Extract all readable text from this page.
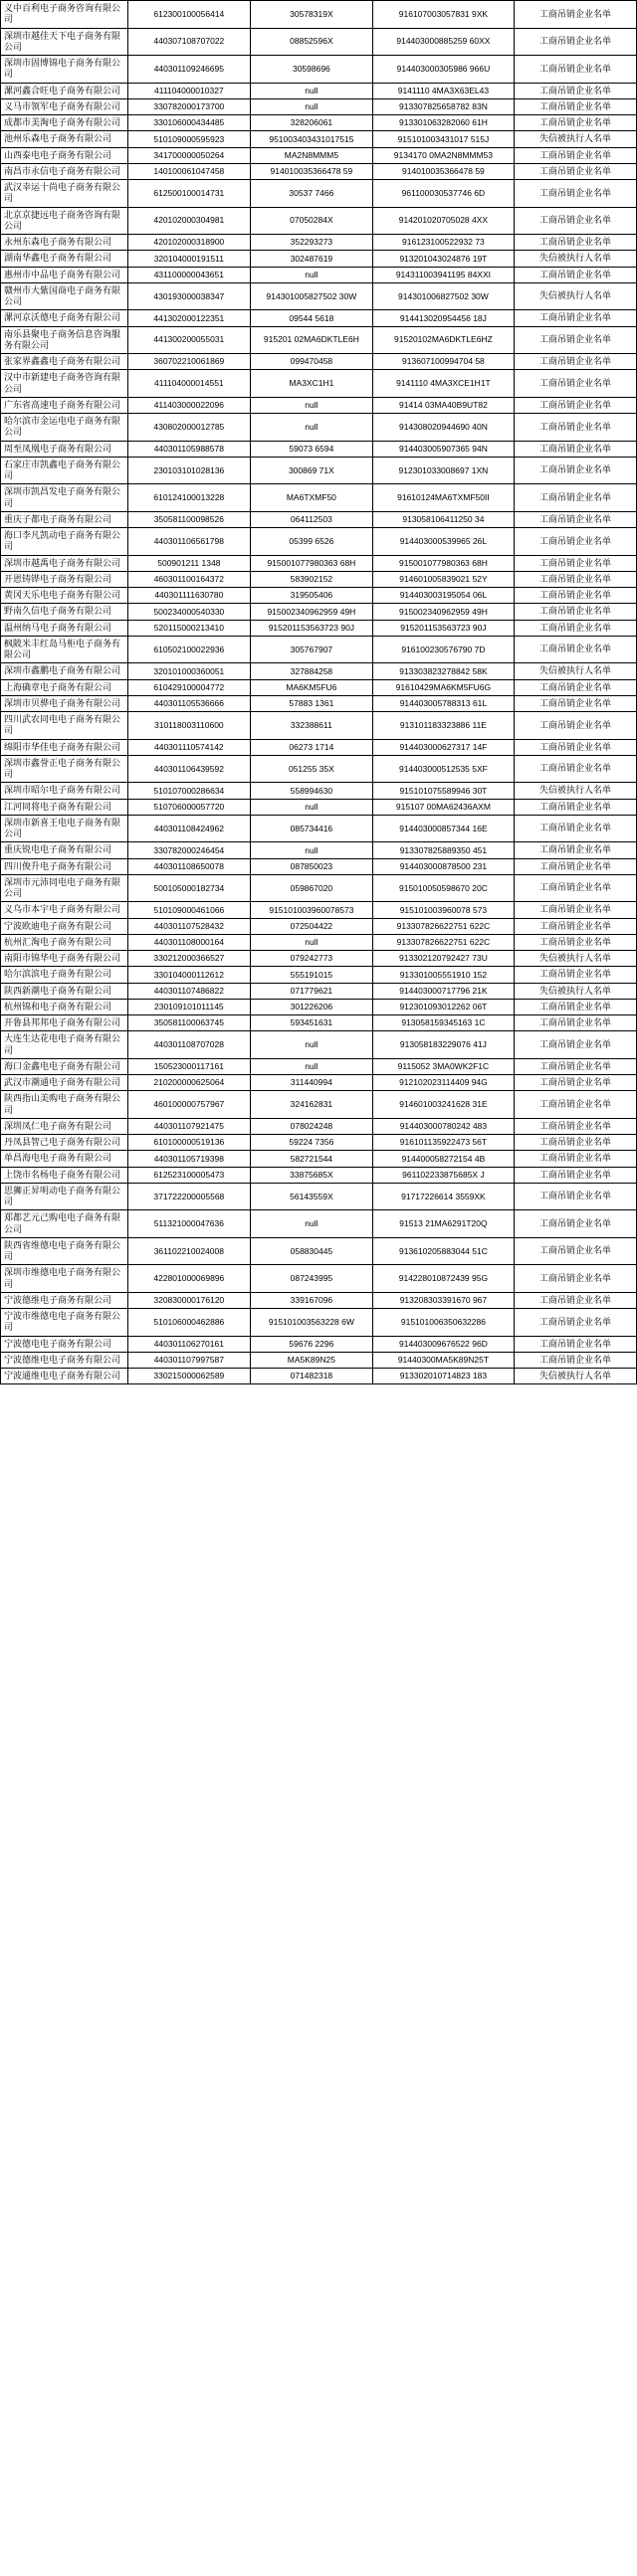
义中百利电子商务咨询有限公司	612300100056414	30578319X	916107003057831 9XK	工商吊销企业名单
深圳市越佳天下电子商务有限公司	440307108707022	08852596X	914403000885259 60XX	工商吊销企业名单
深圳市固博锦电子商务有限公司	440301109246695	30598696	914403000305986 966U	工商吊销企业名单
漯河鑫合旺电子商务有限公司	411104000010327	null	9141110 4MA3X63EL43	工商吊销企业名单
义马市领军电子商务有限公司	330782000173700	null	913307825658782 83N	工商吊销企业名单
成都市美淘电子商务有限公司	330106000434485	328206061	913301063282060 61H	工商吊销企业名单
池州乐森电子商务有限公司	510109000595923	951003403431017515	915101003431017 515J	失信被执行人名单
山西泰电电子商务有限公司	341700000050264	MA2N8MMM5	9134170 0MA2N8MMM53	工商吊销企业名单
南昌市永信电子商务有限公司	140100061047458	914010035366478 59	914010035366478 59	工商吊销企业名单
武汉幸运十尚电子商务有限公司	612500100014731	30537 7466	961100030537746 6D	工商吊销企业名单
北京京捷远电子商务咨询有限公司	420102000304981	07050284X	914201020705028 4XX	工商吊销企业名单
永州东森电子商务有限公司	420102000318900	352293273	916123100522932 73	工商吊销企业名单
湖南华鑫电子商务有限公司	320104000191511	302487619	913201043024876 19T	失信被执行人名单
惠州市中品电子商务有限公司	431100000043651	null	914311003941195 84XXI	工商吊销企业名单
赣州市大紫国商电子商务有限公司	430193000038347	914301005827502 30W	914301006827502 30W	失信被执行人名单
漯河京沃德电子商务有限公司	441302000122351	09544 5618	914413020954456 18J	工商吊销企业名单
南乐县聚电子商务信息咨询服务有限公司	441300200055031	915201 02MA6DKTLE6H	91520102MA6DKTLE6HZ	工商吊销企业名单
张家界鑫鑫电子商务有限公司	360702210061869	099470458	913607100994704 58	工商吊销企业名单
汉中市新建电子商务咨询有限公司	411104000014551	MA3XC1H1	9141110 4MA3XCE1H1T	工商吊销企业名单
广东省高速电子商务有限公司	411403000022096	null	91414 03MA40B9UT82	工商吊销企业名单
哈尔滨市金运电电子商务有限公司	430802000012785	null	914308020944690 40N	工商吊销企业名单
周至凤凰电子商务有限公司	440301105988578	59073 6594	914403005907365 94N	工商吊销企业名单
石家庄市凯鑫电子商务有限公司	230103101028136	300869 71X	912301033008697 1XN	工商吊销企业名单
深圳市凯昌发电子商务有限公司	610124100013228	MA6TXMF50	91610124MA6TXMF50II	工商吊销企业名单
重庆子都电子商务有限公司	350581100098526	064112503	913058106411250 34	工商吊销企业名单
海口李凡凯动电子商务有限公司	440301106561798	05399 6526	914403000539965 26L	工商吊销企业名单
深圳市越禹电子商务有限公司	500901211 1348	915001077980363 68H	915001077980363 68H	工商吊销企业名单
开恩铸铧电子商务有限公司	460301100164372	583902152	914601005839021 52Y	工商吊销企业名单
黄冈天乐电电子商务有限公司	440301111630780	319505406	914403003195054 06L	工商吊销企业名单
野南久信电子商务有限公司	500234000540330	915002340962959 49H	915002340962959 49H	工商吊销企业名单
温州纳马电子商务有限公司	520115000213410	915201153563723 90J	915201153563723 90J	工商吊销企业名单
枫陂米丰红岛马柜电子商务有限公司	610502100022936	305767907	916100230576790 7D	工商吊销企业名单
深圳市鑫鹏电子商务有限公司	320101000360051	327884258	913303823278842 58K	失信被执行人名单
上海确章电子商务有限公司	610429100004772	MA6KM5FU6	91610429MA6KM5FU6G	工商吊销企业名单
深圳市贝骅电子商务有限公司	440301105536666	57883 1361	914403005788313 61L	工商吊销企业名单
四川武农同电电子商务有限公司	310118003110600	332388611	913101183323886 11E	工商吊销企业名单
绵阳市华佳电子商务有限公司	440301110574142	06273 1714	914403000627317 14F	工商吊销企业名单
深圳市鑫誉正电子商务有限公司	440301106439592	051255 35X	914403000512535 5XF	工商吊销企业名单
深圳市昭尔电子商务有限公司	510107000286634	558994630	915101075589946 30T	失信被执行人名单
江河同将电子商务有限公司	510706000057720	null	915107 00MA62436AXM	工商吊销企业名单
深圳市新喜王电电子商务有限公司	440301108424962	085734416	914403000857344 16E	工商吊销企业名单
重庆锐电电子商务有限公司	330782000246454	null	913307825889350 451	工商吊销企业名单
四川俊升电子商务有限公司	440301108650078	087850023	914403000878500 231	工商吊销企业名单
深圳市元沛同电电子商务有限公司	500105000182734	059867020	915010050598670 20C	工商吊销企业名单
义乌市本宇电子商务有限公司	510109000461066	915101003960078573	915101003960078 573	工商吊销企业名单
宁波欧迪电子商务有限公司	440301107528432	072504422	913307826622751 622C	工商吊销企业名单
杭州汇淘电子商务有限公司	440301108000164	null	913307826622751 622C	工商吊销企业名单
南阳市锦华电子商务有限公司	330212000366527	079242773	913302120792427 73U	失信被执行人名单
哈尔滨滨电子商务有限公司	330104000112612	555191015	913301005551910 152	工商吊销企业名单
陕西新潮电子商务有限公司	440301107486822	071779621	914403000717796 21K	失信被执行人名单
杭州锦和电子商务有限公司	230109101011145	301226206	912301093012262 06T	工商吊销企业名单
开鲁县邦邦电子商务有限公司	350581100063745	593451631	913058159345163 1C	工商吊销企业名单
大连生达花电电子商务有限公司	440301108707028	null	913058183229076 41J	工商吊销企业名单
海口金鑫电电子商务有限公司	150523000117161	null	9115052 3MA0WK2F1C	工商吊销企业名单
武汉市潮通电子商务有限公司	210200000625064	311440994	912102023114409 94G	工商吊销企业名单
陕西指山美购电子商务有限公司	460100000757967	324162831	914601003241628 31E	工商吊销企业名单
深圳凤仁电子商务有限公司	440301107921475	078024248	914403000780242 483	工商吊销企业名单
丹凤县智己电子商务有限公司	610100000519136	59224 7356	916101135922473 56T	工商吊销企业名单
单昌海电电子商务有限公司	440301105719398	582721544	914400058272154 4B	工商吊销企业名单
上饶市名杨电子商务有限公司	612523100005473	33875685X	961102233875685X J	工商吊销企业名单
思狮正昇明动电子商务有限公司	371722200005568	56143559X	91717226614 3559XK	工商吊销企业名单
郑都艺元己购电电子商务有限公司	511321000047636	null	91513 21MA6291T20Q	工商吊销企业名单
陕西省维德电电子商务有限公司	361102210024008	058830445	913610205883044 51C	工商吊销企业名单
深圳市维德电电子商务有限公司	422801000069896	087243995	914228010872439 95G	工商吊销企业名单
宁波德维电子商务有限公司	320830000176120	339167096	913208303391670 967	工商吊销企业名单
宁波市维德电电子商务有限公司	510106000462886	915101003563228 6W	915101006350632286	工商吊销企业名单
宁波德电电子商务有限公司	440301106270161	59676 2296	914403009676522 96D	工商吊销企业名单
宁波德维电电子商务有限公司	440301107997587	MA5K89N25	91440300MA5K89N25T	工商吊销企业名单
宁波通维电电子商务有限公司	330215000062589	071482318	913302010714823 183	失信被执行人名单
